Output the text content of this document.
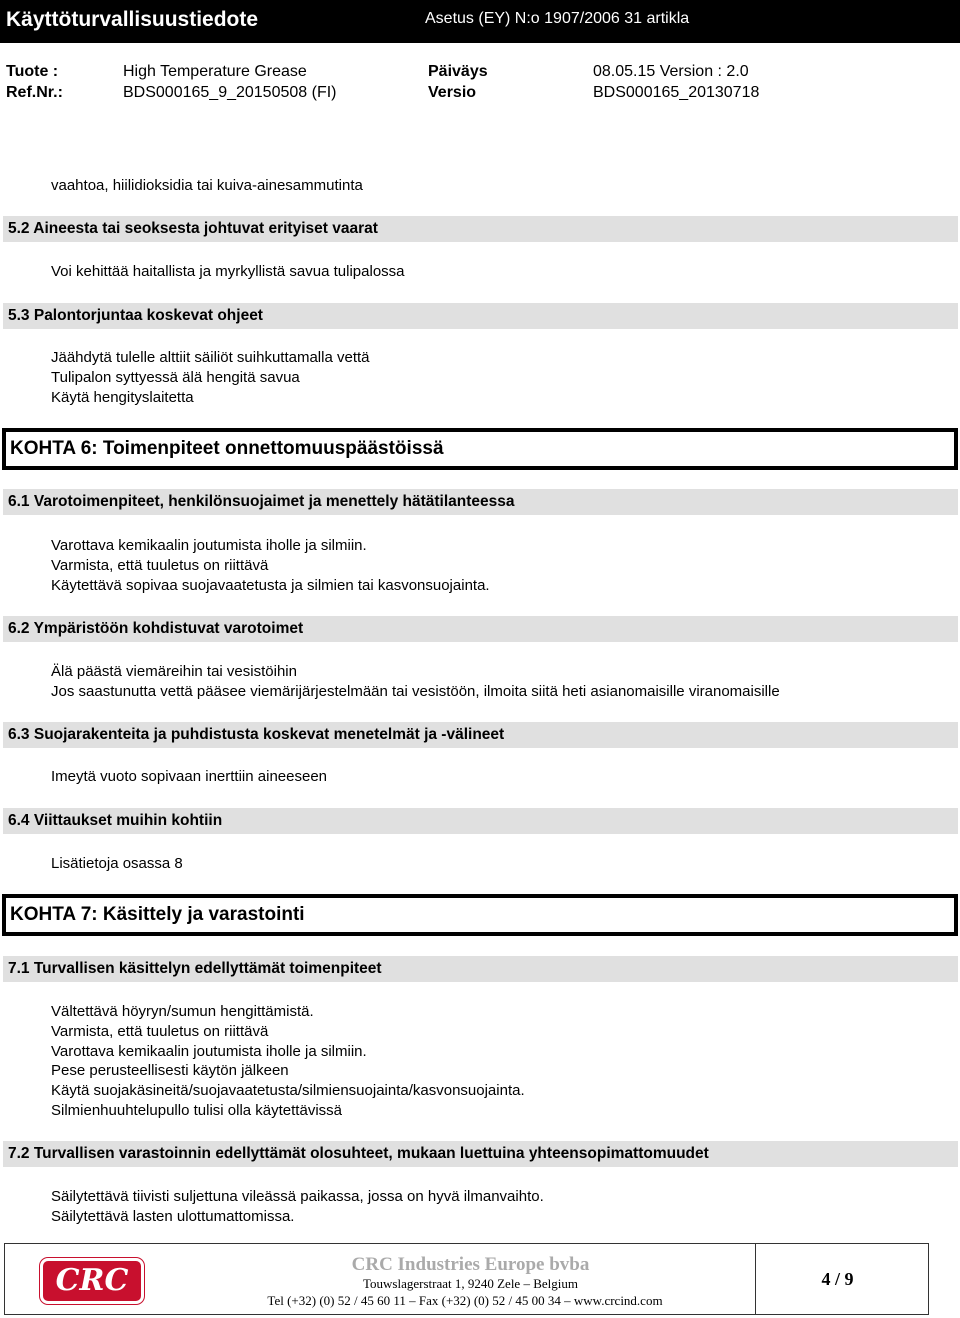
Käyttöturvallisuustiedote	Asetus (EY) N:o 1907/2006 31 artikla
Tuote :	High Temperature Grease	Päiväys	08.05.15 Version : 2.0
Ref.Nr.:	BDS000165_9_20150508 (FI)	Versio	BDS000165_20130718
vaahtoa, hiilidioksidia tai kuiva-ainesammutinta
5.2 Aineesta tai seoksesta johtuvat erityiset vaarat
Voi kehittää haitallista ja myrkyllistä savua tulipalossa
5.3 Palontorjuntaa koskevat ohjeet
Jäähdytä tulelle alttiit säiliöt suihkuttamalla vettä
Tulipalon syttyessä älä hengitä savua
Käytä hengityslaitetta
KOHTA 6: Toimenpiteet onnettomuuspäästöissä
6.1 Varotoimenpiteet, henkilönsuojaimet ja menettely hätätilanteessa
Varottava kemikaalin joutumista iholle ja silmiin.
Varmista, että tuuletus on riittävä
Käytettävä sopivaa suojavaatetusta ja silmien tai kasvonsuojainta.
6.2 Ympäristöön kohdistuvat varotoimet
Älä päästä viemäreihin tai vesistöihin
Jos saastunutta vettä pääsee viemärijärjestelmään tai vesistöön, ilmoita siitä heti asianomaisille viranomaisille
6.3 Suojarakenteita ja puhdistusta koskevat menetelmät ja -välineet
Imeytä vuoto sopivaan inerttiin aineeseen
6.4 Viittaukset muihin kohtiin
Lisätietoja osassa 8
KOHTA 7: Käsittely ja varastointi
7.1 Turvallisen käsittelyn edellyttämät toimenpiteet
Vältettävä höyryn/sumun hengittämistä.
Varmista, että tuuletus on riittävä
Varottava kemikaalin joutumista iholle ja silmiin.
Pese perusteellisesti käytön jälkeen
Käytä suojakäsineitä/suojavaatetusta/silmiensuojainta/kasvonsuojainta.
Silmienhuuhtelupullo tulisi olla käytettävissä
7.2 Turvallisen varastoinnin edellyttämät olosuhteet, mukaan luettuina yhteensopimattomuudet
Säilytettävä tiivisti suljettuna vileässä paikassa, jossa on hyvä ilmanvaihto.
Säilytettävä lasten ulottumattomissa.
CRC	CRC Industries Europe bvba
Touwslagerstraat 1, 9240 Zele – Belgium
Tel (+32) (0) 52 / 45 60 11 – Fax (+32) (0) 52 / 45 00 34 – www.crcind.com
4 / 9
